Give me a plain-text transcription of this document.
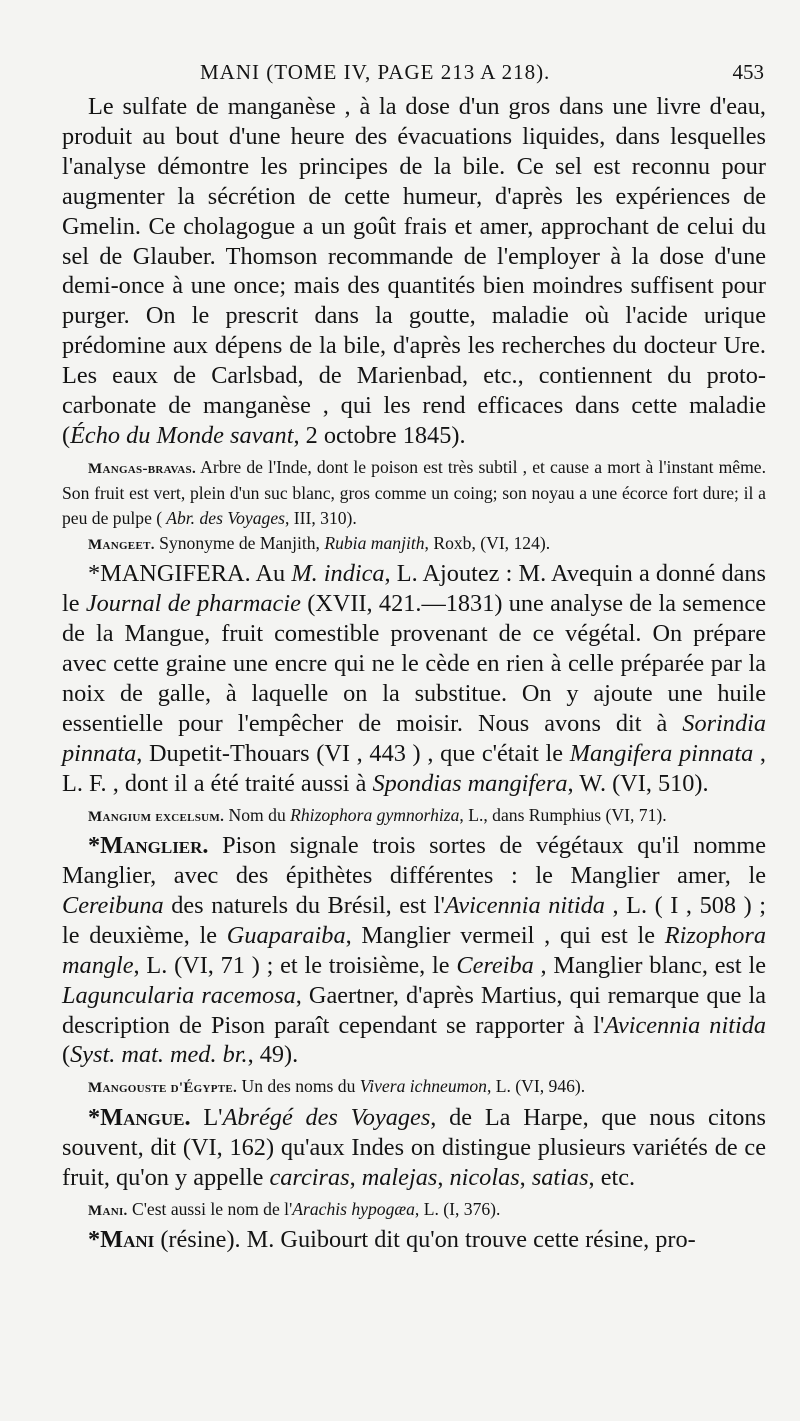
MANI (TOME IV, PAGE 213 A 218).	453

Le sulfate de manganèse , à la dose d'un gros dans une livre d'eau, produit au bout d'une heure des évacuations liquides, dans lesquelles l'analyse démontre les principes de la bile. Ce sel est reconnu pour augmenter la sécrétion de cette humeur, d'après les expériences de Gmelin. Ce cholagogue a un goût frais et amer, approchant de celui du sel de Glauber. Thomson recommande de l'employer à la dose d'une demi-once à une once; mais des quantités bien moindres suffisent pour purger. On le prescrit dans la goutte, maladie où l'acide urique prédomine aux dépens de la bile, d'après les recherches du docteur Ure. Les eaux de Carlsbad, de Marienbad, etc., contiennent du proto-carbonate de manganèse , qui les rend efficaces dans cette maladie (Écho du Monde savant, 2 octobre 1845).

Mangas-bravas. Arbre de l'Inde, dont le poison est très subtil , et cause a mort à l'instant même. Son fruit est vert, plein d'un suc blanc, gros comme un coing; son noyau a une écorce fort dure; il a peu de pulpe ( Abr. des Voyages, III, 310).

Mangeet. Synonyme de Manjith, Rubia manjith, Roxb, (VI, 124).

*MANGIFERA. Au M. indica, L. Ajoutez : M. Avequin a donné dans le Journal de pharmacie (XVII, 421.—1831) une analyse de la semence de la Mangue, fruit comestible provenant de ce végétal. On prépare avec cette graine une encre qui ne le cède en rien à celle préparée par la noix de galle, à laquelle on la substitue. On y ajoute une huile essentielle pour l'empêcher de moisir. Nous avons dit à Sorindia pinnata, Dupetit-Thouars (VI , 443 ) , que c'était le Mangifera pinnata , L. F. , dont il a été traité aussi à Spondias mangifera, W. (VI, 510).

Mangium excelsum. Nom du Rhizophora gymnorhiza, L., dans Rumphius (VI, 71).

*Manglier. Pison signale trois sortes de végétaux qu'il nomme Manglier, avec des épithètes différentes : le Manglier amer, le Cereibuna des naturels du Brésil, est l'Avicennia nitida , L. ( I , 508 ) ; le deuxième, le Guaparaiba, Manglier vermeil , qui est le Rizophora mangle, L. (VI, 71 ) ; et le troisième, le Cereiba , Manglier blanc, est le Laguncularia racemosa, Gaertner, d'après Martius, qui remarque que la description de Pison paraît cependant se rapporter à l'Avicennia nitida (Syst. mat. med. br., 49).

Mangouste d'Égypte. Un des noms du Vivera ichneumon, L. (VI, 946).

*Mangue. L'Abrégé des Voyages, de La Harpe, que nous citons souvent, dit (VI, 162) qu'aux Indes on distingue plusieurs variétés de ce fruit, qu'on y appelle carciras, malejas, nicolas, satias, etc.

Mani. C'est aussi le nom de l'Arachis hypogæa, L. (I, 376).

*Mani (résine). M. Guibourt dit qu'on trouve cette résine, pro-
